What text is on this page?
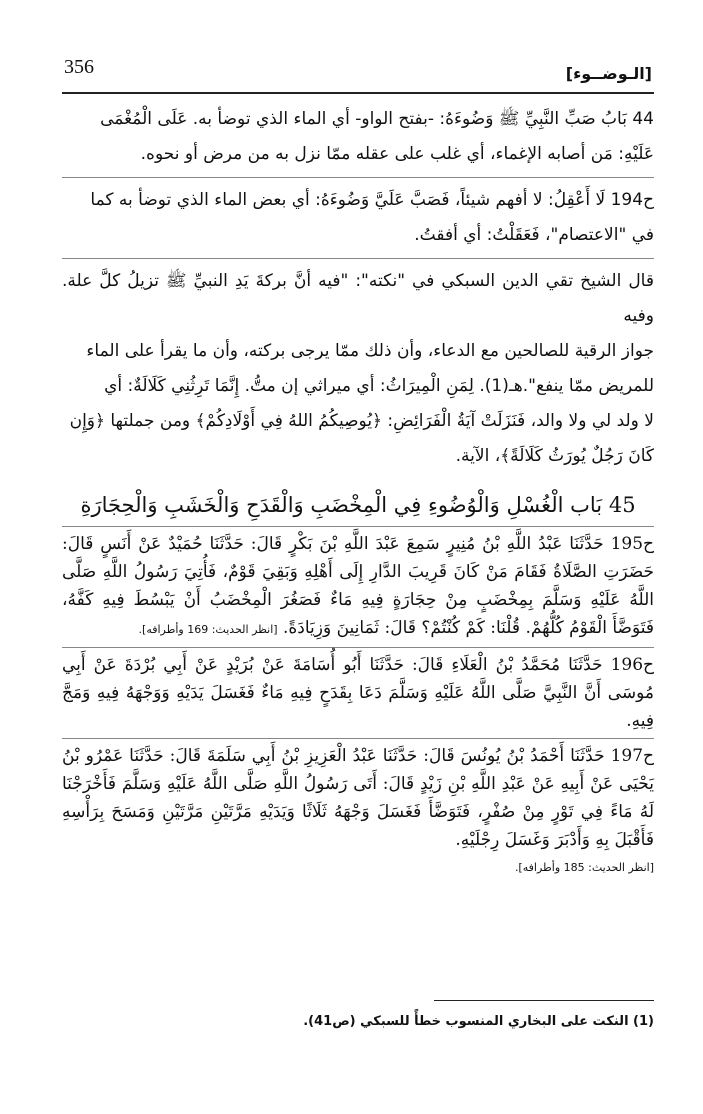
356	[الـوضــوء]

44 بَابُ صَبِّ النَّبِيِّ ﷺ وَضُوءَهُ: -بفتح الواو- أي الماء الذي توضأ به. عَلَى الْمُغْمَى

عَلَيْهِ: مَن أصابه الإغماء، أي غلب على عقله ممّا نزل به من مرض أو نحوه.

ح194 لَا أَعْقِلُ: لا أفهم شيئاً، فَصَبَّ عَلَيَّ وَضُوءَهُ: أي بعض الماء الذي توضأ به كما

في "الاعتصام"، فَعَقَلْتُ: أي أفقتُ.

قال الشيخ تقي الدين السبكي في "نكته": "فيه أنَّ بركةَ يَدِ النبيِّ ﷺ تزيلُ كلَّ علة. وفيه

جواز الرقية للصالحين مع الدعاء، وأن ذلك ممّا يرجى بركته، وأن ما يقرأ على الماء

للمريض ممّا ينفع".هـ(1). لِمَنِ الْمِيرَاثُ: أي ميراثي إن متُّ. إِنَّمَا تَرِثُنِي كَلَالَةٌ: أي

لا ولد لي ولا والد، فَنَزَلَتْ آيَةُ الْفَرَائِضِ: ﴿يُوصِيكُمُ اللهُ فِي أَوْلَادِكُمْ﴾ ومن جملتها ﴿وَإِن

كَانَ رَجُلٌ يُورَثُ كَلَالَةً﴾، الآية.

45 بَاب الْغُسْلِ وَالْوُضُوءِ فِي الْمِخْضَبِ وَالْقَدَحِ وَالْخَشَبِ وَالْحِجَارَةِ
ح195 حَدَّثَنَا عَبْدُ اللَّهِ بْنُ مُنِيرٍ سَمِعَ عَبْدَ اللَّهِ بْنَ بَكْرٍ قَالَ: حَدَّثَنَا حُمَيْدٌ عَنْ أَنَسٍ قَالَ: حَضَرَتِ الصَّلَاةُ فَقَامَ مَنْ كَانَ قَرِيبَ الدَّارِ إِلَى أَهْلِهِ وَبَقِيَ قَوْمٌ، فَأُتِيَ رَسُولُ اللَّهِ صَلَّى اللَّهُ عَلَيْهِ وَسَلَّمَ بِمِخْضَبٍ مِنْ حِجَارَةٍ فِيهِ مَاءٌ فَصَغُرَ الْمِخْضَبُ أَنْ يَبْسُطَ فِيهِ كَفَّهُ، فَتَوَضَّأَ الْقَوْمُ كُلُّهُمْ. قُلْنَا: كَمْ كُنْتُمْ؟ قَالَ: ثَمَانِينَ وَزِيَادَةً. [انظر الحديث: 169 وأطرافه].
ح196 حَدَّثَنَا مُحَمَّدُ بْنُ الْعَلَاءِ قَالَ: حَدَّثَنَا أَبُو أُسَامَةَ عَنْ بُرَيْدٍ عَنْ أَبِي بُرْدَةَ عَنْ أَبِي مُوسَى أَنَّ النَّبِيَّ صَلَّى اللَّهُ عَلَيْهِ وَسَلَّمَ دَعَا بِقَدَحٍ فِيهِ مَاءٌ فَغَسَلَ يَدَيْهِ وَوَجْهَهُ فِيهِ وَمَجَّ فِيهِ.
ح197 حَدَّثَنَا أَحْمَدُ بْنُ يُونُسَ قَالَ: حَدَّثَنَا عَبْدُ الْعَزِيزِ بْنُ أَبِي سَلَمَةَ قَالَ: حَدَّثَنَا عَمْرُو بْنُ يَحْيَى عَنْ أَبِيهِ عَنْ عَبْدِ اللَّهِ بْنِ زَيْدٍ قَالَ: أَتَى رَسُولُ اللَّهِ صَلَّى اللَّهُ عَلَيْهِ وَسَلَّمَ فَأَخْرَجْنَا لَهُ مَاءً فِي تَوْرٍ مِنْ صُفْرٍ، فَتَوَضَّأَ فَغَسَلَ وَجْهَهُ ثَلَاثًا وَيَدَيْهِ مَرَّتَيْنِ مَرَّتَيْنِ وَمَسَحَ بِرَأْسِهِ فَأَقْبَلَ بِهِ وَأَدْبَرَ وَغَسَلَ رِجْلَيْهِ.
[انظر الحديث: 185 وأطرافه].
(1) النكت على البخاري المنسوب خطأً للسبكي (ص41).
